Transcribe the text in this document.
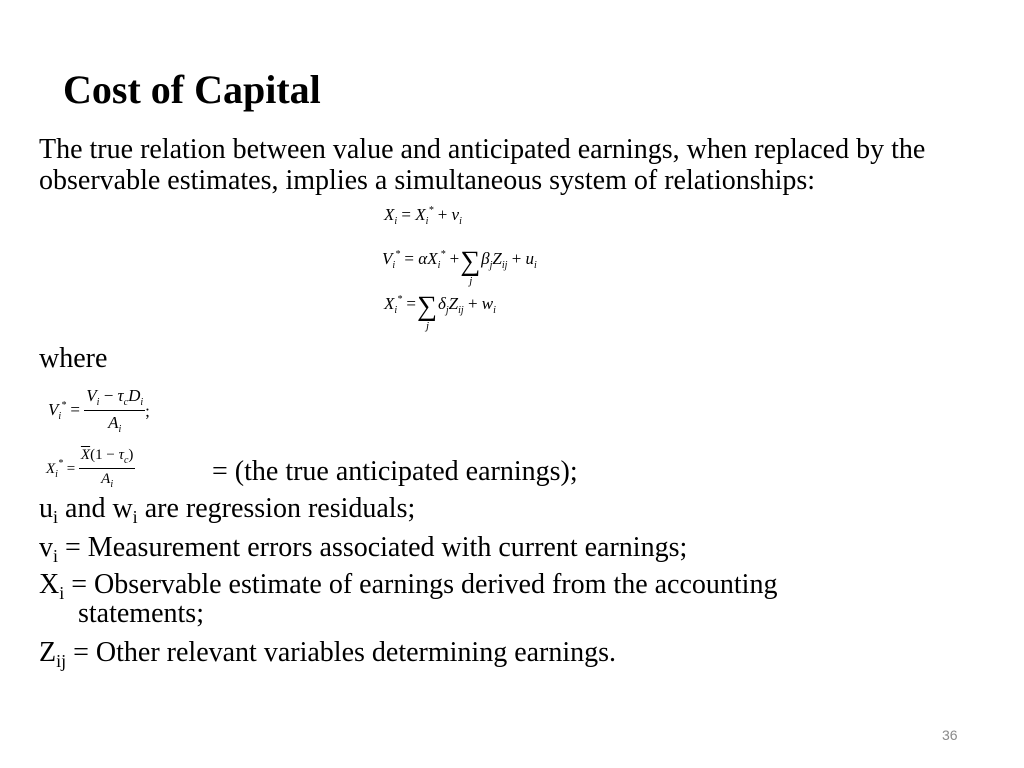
Cost of Capital
The true relation between value and anticipated earnings, when replaced by the observable estimates, implies a simultaneous system of relationships:
$X_i = X_i^* + v_i$
$V_i^* = \alpha X_i^*$ +∑
j
$\beta_jZ_{ij} + u_i$
$X_i^*$ =∑
j
$\delta_jZ_{ij} + w_i$
where
$V_i^* = \frac{V_i - \tau_cD_i}{A_i}$ ;
$X_i^* = \frac{\overline{X}(1 - \tau_c)}{A_i}$	= (the true anticipated earnings);
$u_i$ and $w_i$ are regression residuals;
$v_i$ = Measurement errors associated with current earnings;
$X_i$ = Observable estimate of earnings derived from the accounting
statements;
$Z_{ij}$ = Other relevant variables determining earnings.
36
